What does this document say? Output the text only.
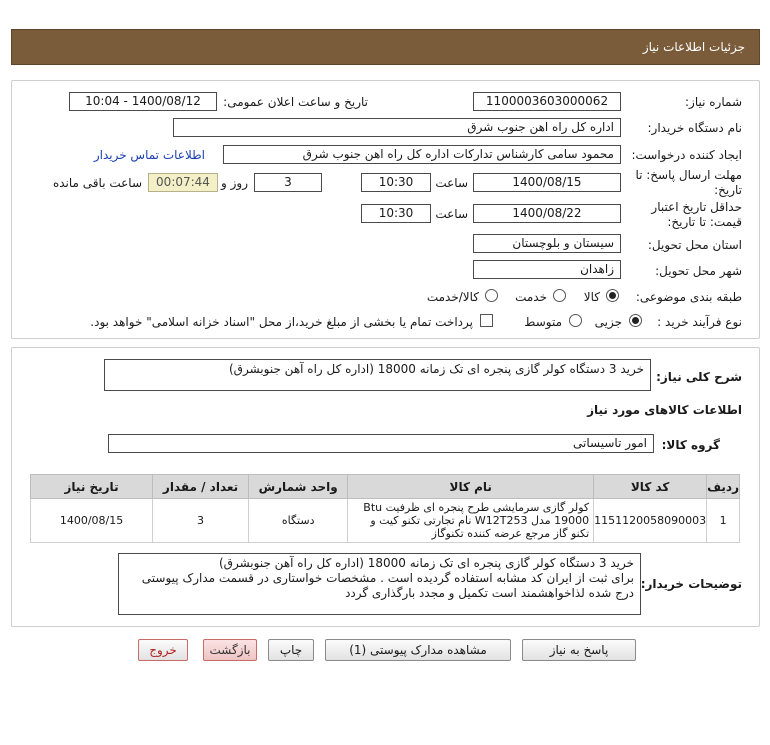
جزئیات اطلاعات نیاز
شماره نیاز:
1100003603000062
تاریخ و ساعت اعلان عمومی:
1400/08/12 - 10:04
نام دستگاه خریدار:
اداره کل راه اهن جنوب شرق
ایجاد کننده درخواست:
محمود سامی کارشناس تدارکات اداره کل راه اهن جنوب شرق
اطلاعات تماس خریدار
مهلت ارسال پاسخ: تا
تاریخ:
1400/08/15
ساعت
10:30
3
روز و
00:07:44
ساعت باقی مانده
حداقل تاریخ اعتبار
قیمت: تا تاریخ:
1400/08/22
ساعت
10:30
استان محل تحویل:
سیستان و بلوچستان
شهر محل تحویل:
زاهدان
طبقه بندی موضوعی:
کالا
خدمت
کالا/خدمت
نوع فرآیند خرید :
جزیی
متوسط
پرداخت تمام یا بخشی از مبلغ خرید،از محل "اسناد خزانه اسلامی" خواهد بود.
شرح کلی نیاز:
خرید 3 دستگاه کولر گازی پنجره ای تک زمانه 18000 (اداره کل راه آهن جنوبشرق)
اطلاعات کالاهای مورد نیاز
گروه کالا:
امور تاسیساتی
ردیف	کد کالا	نام کالا	واحد شمارش	تعداد / مقدار	تاریخ نیاز
1	1151120058090003	کولر گازی سرمایشی طرح پنجره ای ظرفیت Btu 19000 مدل W12T253 نام تجارتی تکنو کیت و تکنو گاز مرجع عرضه کننده تکنوگاز	دستگاه	3	1400/08/15
توضیحات خریدار:
خرید 3 دستگاه کولر گازی پنجره ای تک زمانه 18000 (اداره کل راه آهن جنوبشرق)
برای ثبت از ایران کد مشابه استفاده گردیده است . مشخصات خواستاری در قسمت مدارک پیوستی
درج شده لذاخواهشمند است تکمیل و مجدد بارگذاری گردد
پاسخ به نیاز
مشاهده مدارک پیوستی (1)
چاپ
بازگشت
خروج
